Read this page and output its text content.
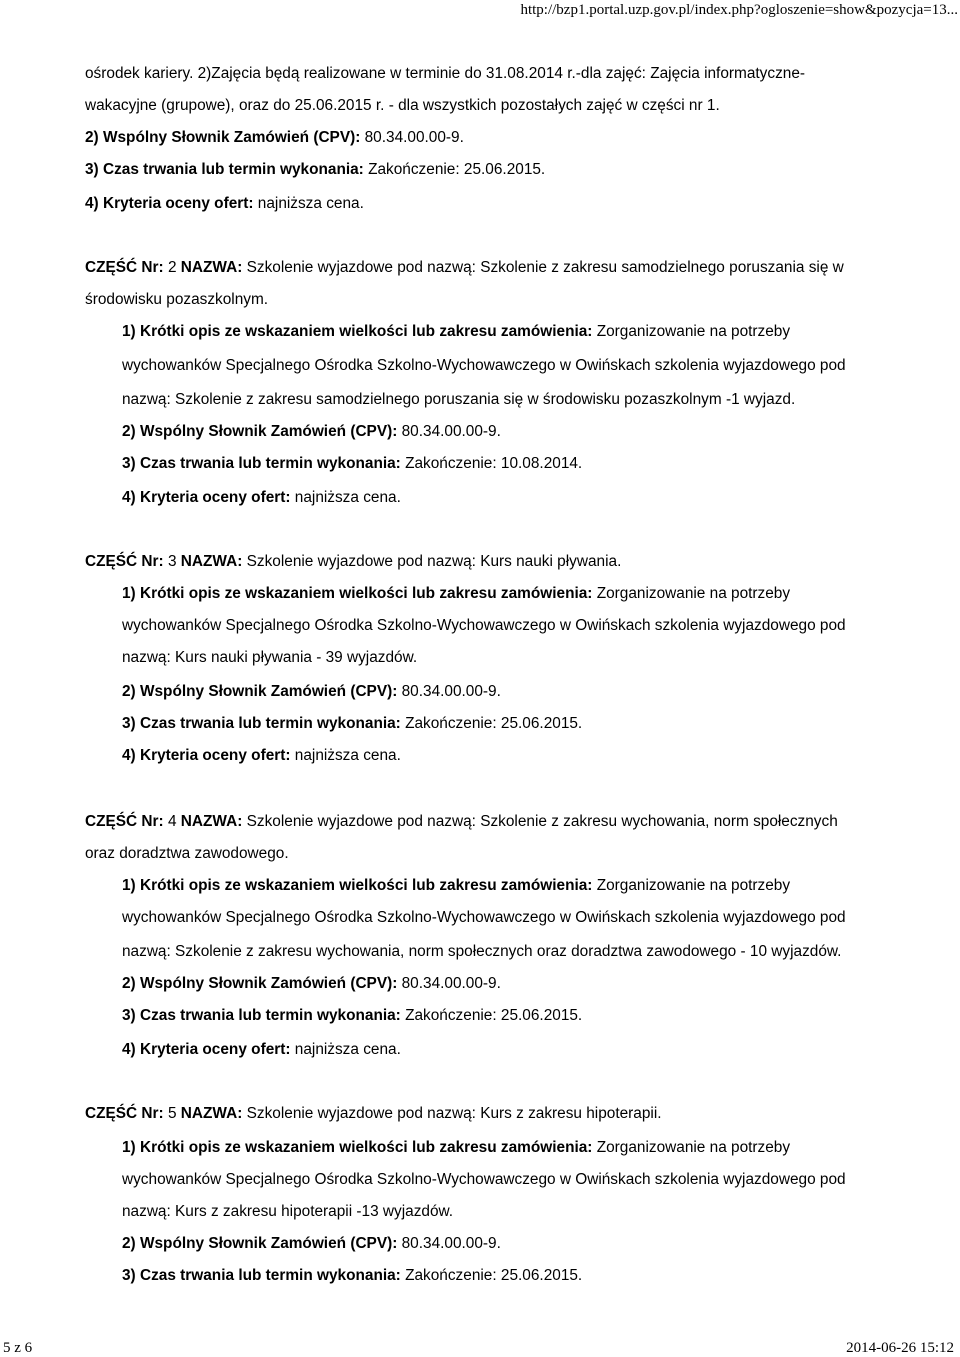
http://bzp1.portal.uzp.gov.pl/index.php?ogloszenie=show&pozycja=13...
ośrodek kariery. 2)Zajęcia będą realizowane w terminie do 31.08.2014 r.-dla zajęć: Zajęcia informatyczne-
wakacyjne (grupowe), oraz do 25.06.2015 r. - dla wszystkich pozostałych zajęć w części nr 1.
2) Wspólny Słownik Zamówień (CPV): 80.34.00.00-9.
3) Czas trwania lub termin wykonania: Zakończenie: 25.06.2015.
4) Kryteria oceny ofert: najniższa cena.
CZĘŚĆ Nr: 2 NAZWA: Szkolenie wyjazdowe pod nazwą: Szkolenie z zakresu samodzielnego poruszania się w
środowisku pozaszkolnym.
1) Krótki opis ze wskazaniem wielkości lub zakresu zamówienia: Zorganizowanie na potrzeby
wychowanków Specjalnego Ośrodka Szkolno-Wychowawczego w Owińskach szkolenia wyjazdowego pod
nazwą: Szkolenie z zakresu samodzielnego poruszania się w środowisku pozaszkolnym -1 wyjazd.
2) Wspólny Słownik Zamówień (CPV): 80.34.00.00-9.
3) Czas trwania lub termin wykonania: Zakończenie: 10.08.2014.
4) Kryteria oceny ofert: najniższa cena.
CZĘŚĆ Nr: 3 NAZWA: Szkolenie wyjazdowe pod nazwą: Kurs nauki pływania.
1) Krótki opis ze wskazaniem wielkości lub zakresu zamówienia: Zorganizowanie na potrzeby
wychowanków Specjalnego Ośrodka Szkolno-Wychowawczego w Owińskach szkolenia wyjazdowego pod
nazwą: Kurs nauki pływania - 39 wyjazdów.
2) Wspólny Słownik Zamówień (CPV): 80.34.00.00-9.
3) Czas trwania lub termin wykonania: Zakończenie: 25.06.2015.
4) Kryteria oceny ofert: najniższa cena.
CZĘŚĆ Nr: 4 NAZWA: Szkolenie wyjazdowe pod nazwą: Szkolenie z zakresu wychowania, norm społecznych
oraz doradztwa zawodowego.
1) Krótki opis ze wskazaniem wielkości lub zakresu zamówienia: Zorganizowanie na potrzeby
wychowanków Specjalnego Ośrodka Szkolno-Wychowawczego w Owińskach szkolenia wyjazdowego pod
nazwą: Szkolenie z zakresu wychowania, norm społecznych oraz doradztwa zawodowego - 10 wyjazdów.
2) Wspólny Słownik Zamówień (CPV): 80.34.00.00-9.
3) Czas trwania lub termin wykonania: Zakończenie: 25.06.2015.
4) Kryteria oceny ofert: najniższa cena.
CZĘŚĆ Nr: 5 NAZWA: Szkolenie wyjazdowe pod nazwą: Kurs z zakresu hipoterapii.
1) Krótki opis ze wskazaniem wielkości lub zakresu zamówienia: Zorganizowanie na potrzeby
wychowanków Specjalnego Ośrodka Szkolno-Wychowawczego w Owińskach szkolenia wyjazdowego pod
nazwą: Kurs z zakresu hipoterapii -13 wyjazdów.
2) Wspólny Słownik Zamówień (CPV): 80.34.00.00-9.
3) Czas trwania lub termin wykonania: Zakończenie: 25.06.2015.
5 z 6	2014-06-26 15:12
